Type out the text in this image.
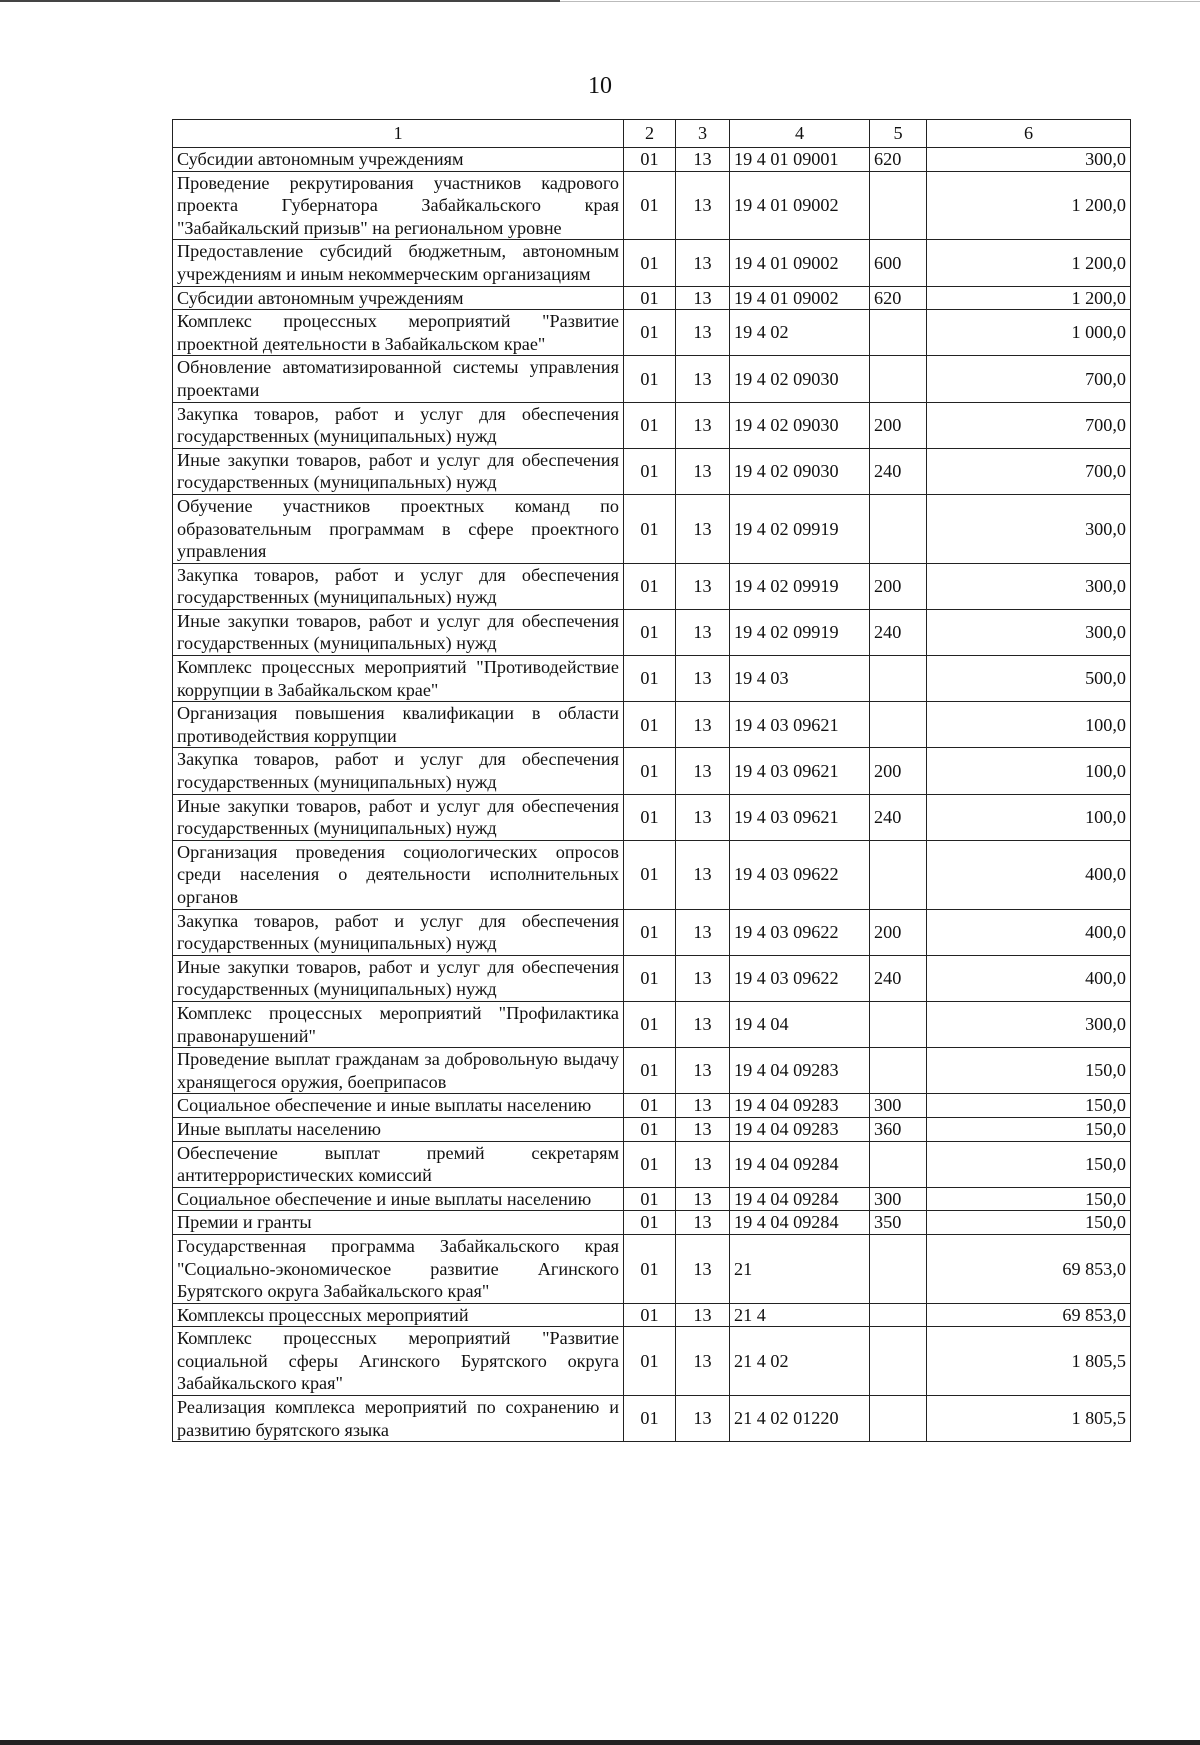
10
1	2	3	4	5	6
Субсидии автономным учреждениям	01	13	19 4 01 09001	620	300,0
Проведение рекрутирования участников кадрового проекта Губернатора Забайкальского края "Забайкальский призыв" на региональном уровне	01	13	19 4 01 09002		1 200,0
Предоставление субсидий бюджетным, автономным учреждениям и иным некоммерческим организациям	01	13	19 4 01 09002	600	1 200,0
Субсидии автономным учреждениям	01	13	19 4 01 09002	620	1 200,0
Комплекс процессных мероприятий "Развитие проектной деятельности в Забайкальском крае"	01	13	19 4 02		1 000,0
Обновление автоматизированной системы управления проектами	01	13	19 4 02 09030		700,0
Закупка товаров, работ и услуг для обеспечения государственных (муниципальных) нужд	01	13	19 4 02 09030	200	700,0
Иные закупки товаров, работ и услуг для обеспечения государственных (муниципальных) нужд	01	13	19 4 02 09030	240	700,0
Обучение участников проектных команд по образовательным программам в сфере проектного управления	01	13	19 4 02 09919		300,0
Закупка товаров, работ и услуг для обеспечения государственных (муниципальных) нужд	01	13	19 4 02 09919	200	300,0
Иные закупки товаров, работ и услуг для обеспечения государственных (муниципальных) нужд	01	13	19 4 02 09919	240	300,0
Комплекс процессных мероприятий "Противодействие коррупции в Забайкальском крае"	01	13	19 4 03		500,0
Организация повышения квалификации в области противодействия коррупции	01	13	19 4 03 09621		100,0
Закупка товаров, работ и услуг для обеспечения государственных (муниципальных) нужд	01	13	19 4 03 09621	200	100,0
Иные закупки товаров, работ и услуг для обеспечения государственных (муниципальных) нужд	01	13	19 4 03 09621	240	100,0
Организация проведения социологических опросов среди населения о деятельности исполнительных органов	01	13	19 4 03 09622		400,0
Закупка товаров, работ и услуг для обеспечения государственных (муниципальных) нужд	01	13	19 4 03 09622	200	400,0
Иные закупки товаров, работ и услуг для обеспечения государственных (муниципальных) нужд	01	13	19 4 03 09622	240	400,0
Комплекс процессных мероприятий "Профилактика правонарушений"	01	13	19 4 04		300,0
Проведение выплат гражданам за добровольную выдачу хранящегося оружия, боеприпасов	01	13	19 4 04 09283		150,0
Социальное обеспечение и иные выплаты населению	01	13	19 4 04 09283	300	150,0
Иные выплаты населению	01	13	19 4 04 09283	360	150,0
Обеспечение выплат премий секретарям антитеррористических комиссий	01	13	19 4 04 09284		150,0
Социальное обеспечение и иные выплаты населению	01	13	19 4 04 09284	300	150,0
Премии и гранты	01	13	19 4 04 09284	350	150,0
Государственная программа Забайкальского края "Социально-экономическое развитие Агинского Бурятского округа Забайкальского края"	01	13	21		69 853,0
Комплексы процессных мероприятий	01	13	21 4		69 853,0
Комплекс процессных мероприятий "Развитие социальной сферы Агинского Бурятского округа Забайкальского края"	01	13	21 4 02		1 805,5
Реализация комплекса мероприятий по сохранению и развитию бурятского языка	01	13	21 4 02 01220		1 805,5
